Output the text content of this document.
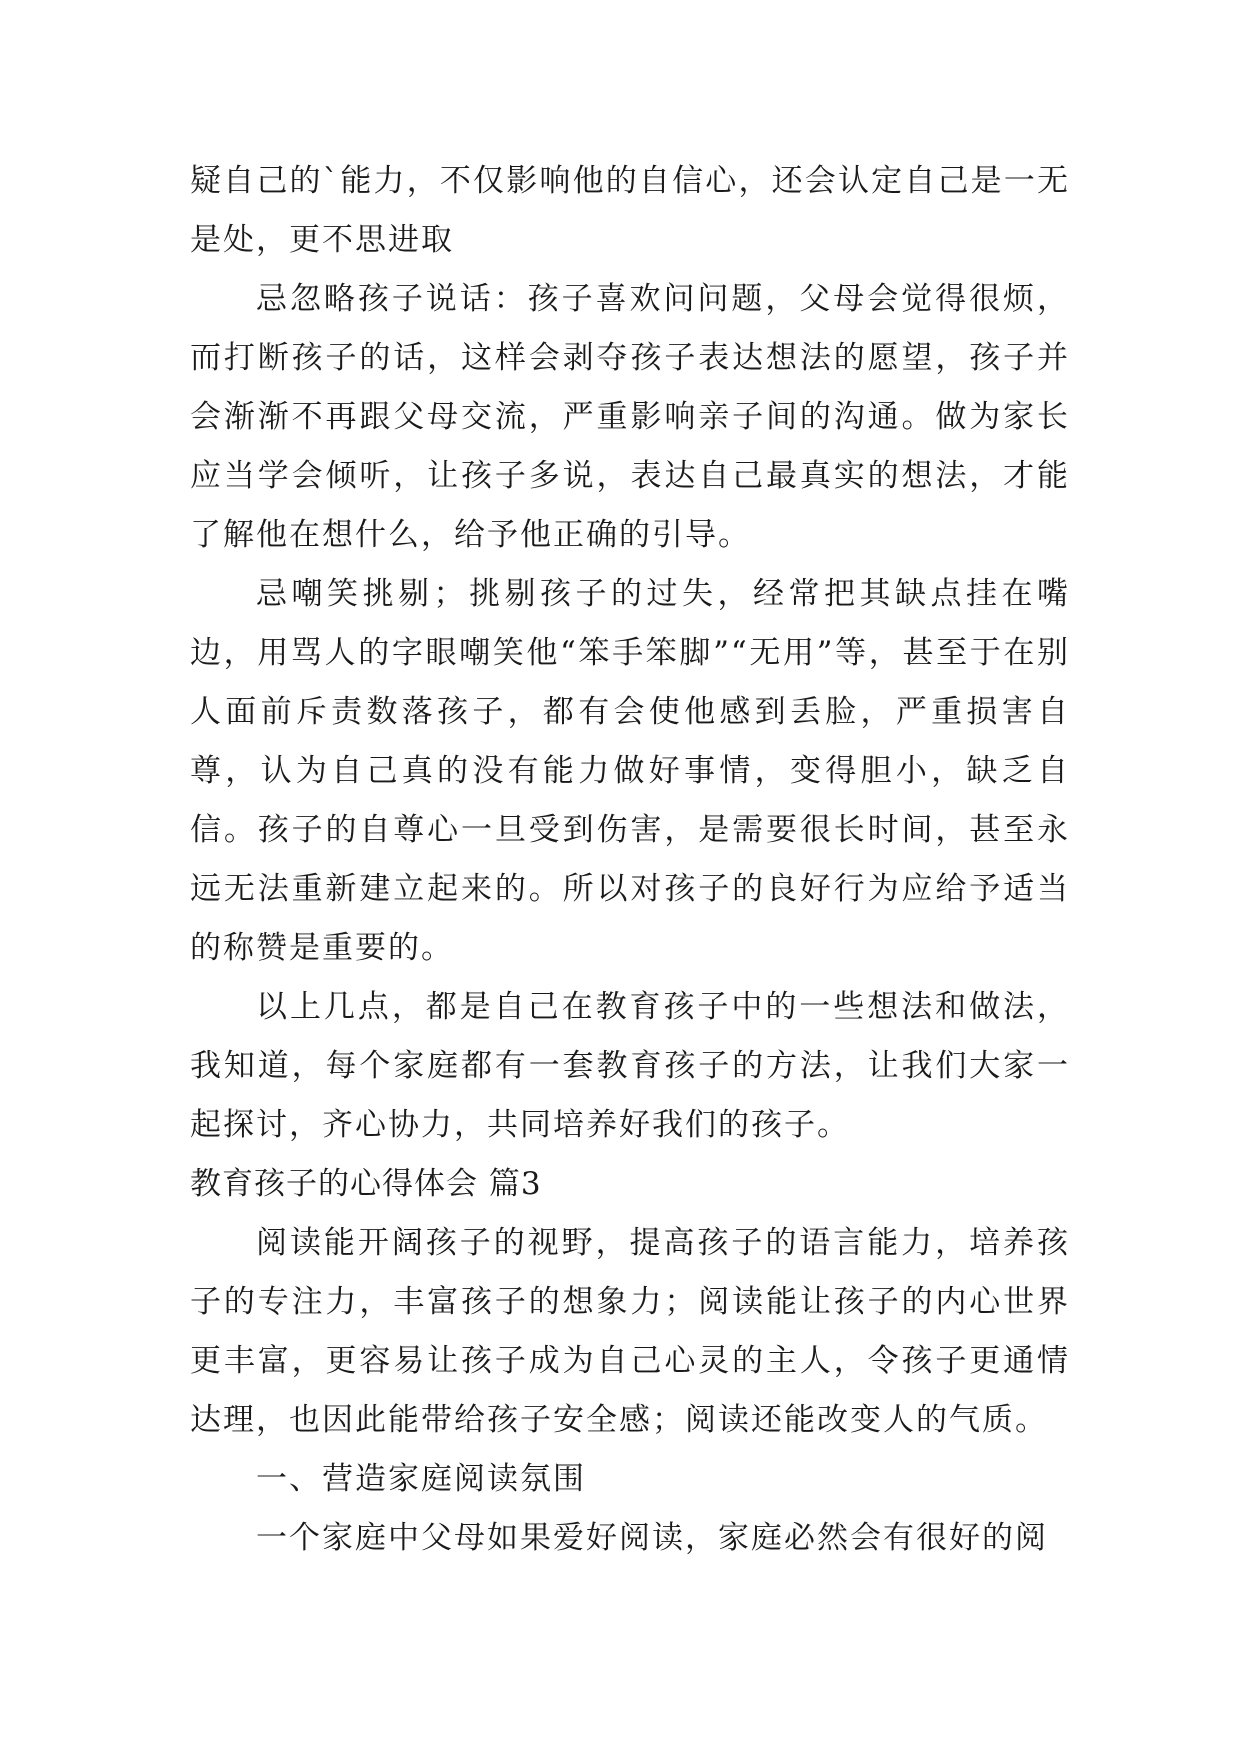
疑自己的`能力，不仅影响他的自信心，还会认定自己是一无是处，更不思进取

忌忽略孩子说话：孩子喜欢问问题，父母会觉得很烦，而打断孩子的话，这样会剥夺孩子表达想法的愿望，孩子并会渐渐不再跟父母交流，严重影响亲子间的沟通。做为家长应当学会倾听，让孩子多说，表达自己最真实的想法，才能了解他在想什么，给予他正确的引导。

忌嘲笑挑剔；挑剔孩子的过失，经常把其缺点挂在嘴边，用骂人的字眼嘲笑他“笨手笨脚”“无用”等，甚至于在别人面前斥责数落孩子，都有会使他感到丢脸，严重损害自尊，认为自己真的没有能力做好事情，变得胆小，缺乏自信。孩子的自尊心一旦受到伤害，是需要很长时间，甚至永远无法重新建立起来的。所以对孩子的良好行为应给予适当的称赞是重要的。

以上几点，都是自己在教育孩子中的一些想法和做法，我知道，每个家庭都有一套教育孩子的方法，让我们大家一起探讨，齐心协力，共同培养好我们的孩子。

教育孩子的心得体会 篇3

阅读能开阔孩子的视野，提高孩子的语言能力，培养孩子的专注力，丰富孩子的想象力；阅读能让孩子的内心世界更丰富，更容易让孩子成为自己心灵的主人，令孩子更通情达理，也因此能带给孩子安全感；阅读还能改变人的气质。

一、营造家庭阅读氛围

一个家庭中父母如果爱好阅读，家庭必然会有很好的阅
